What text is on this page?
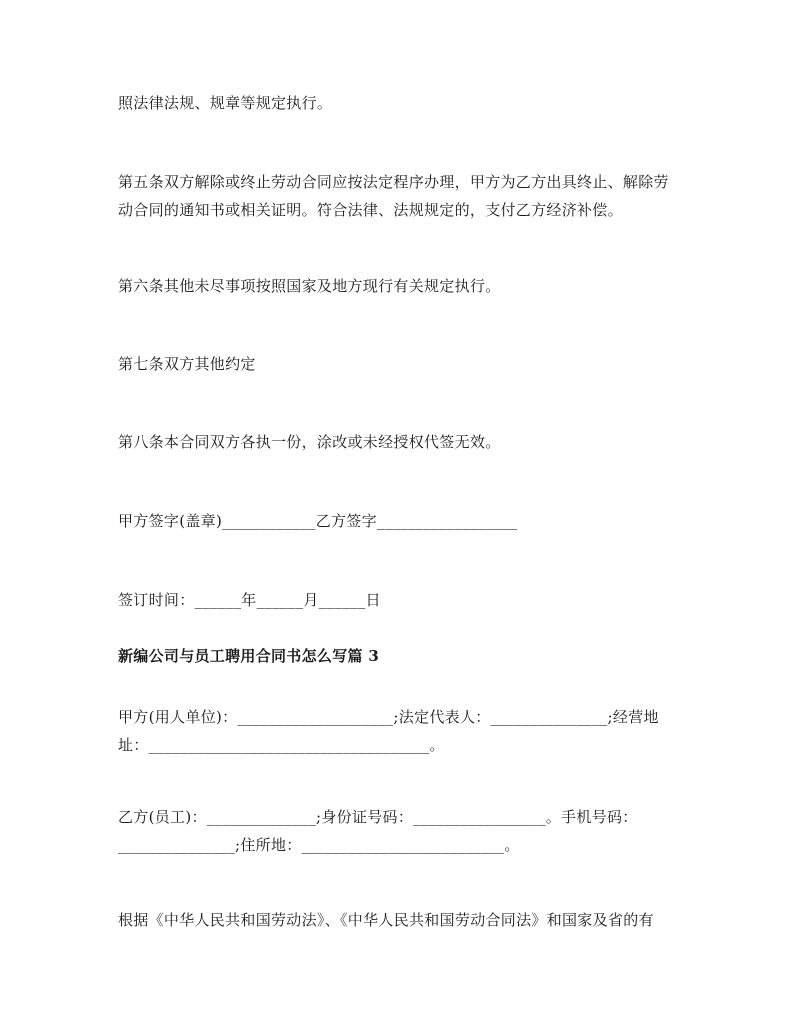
照法律法规、规章等规定执行。

第五条双方解除或终止劳动合同应按法定程序办理，甲方为乙方出具终止、解除劳
动合同的通知书或相关证明。符合法律、法规规定的，支付乙方经济补偿。

第六条其他未尽事项按照国家及地方现行有关规定执行。

第七条双方其他约定

第八条本合同双方各执一份，涂改或未经授权代签无效。

甲方签字(盖章)____________乙方签字__________________

签订时间：______年______月______日

新编公司与员工聘用合同书怎么写篇 3

甲方(用人单位)：____________________;法定代表人：_______________;经营地
址：____________________________________。

乙方(员工)：______________;身份证号码：_________________。手机号码：
_______________;住所地：__________________________。

根据《中华人民共和国劳动法》、《中华人民共和国劳动合同法》和国家及省的有
